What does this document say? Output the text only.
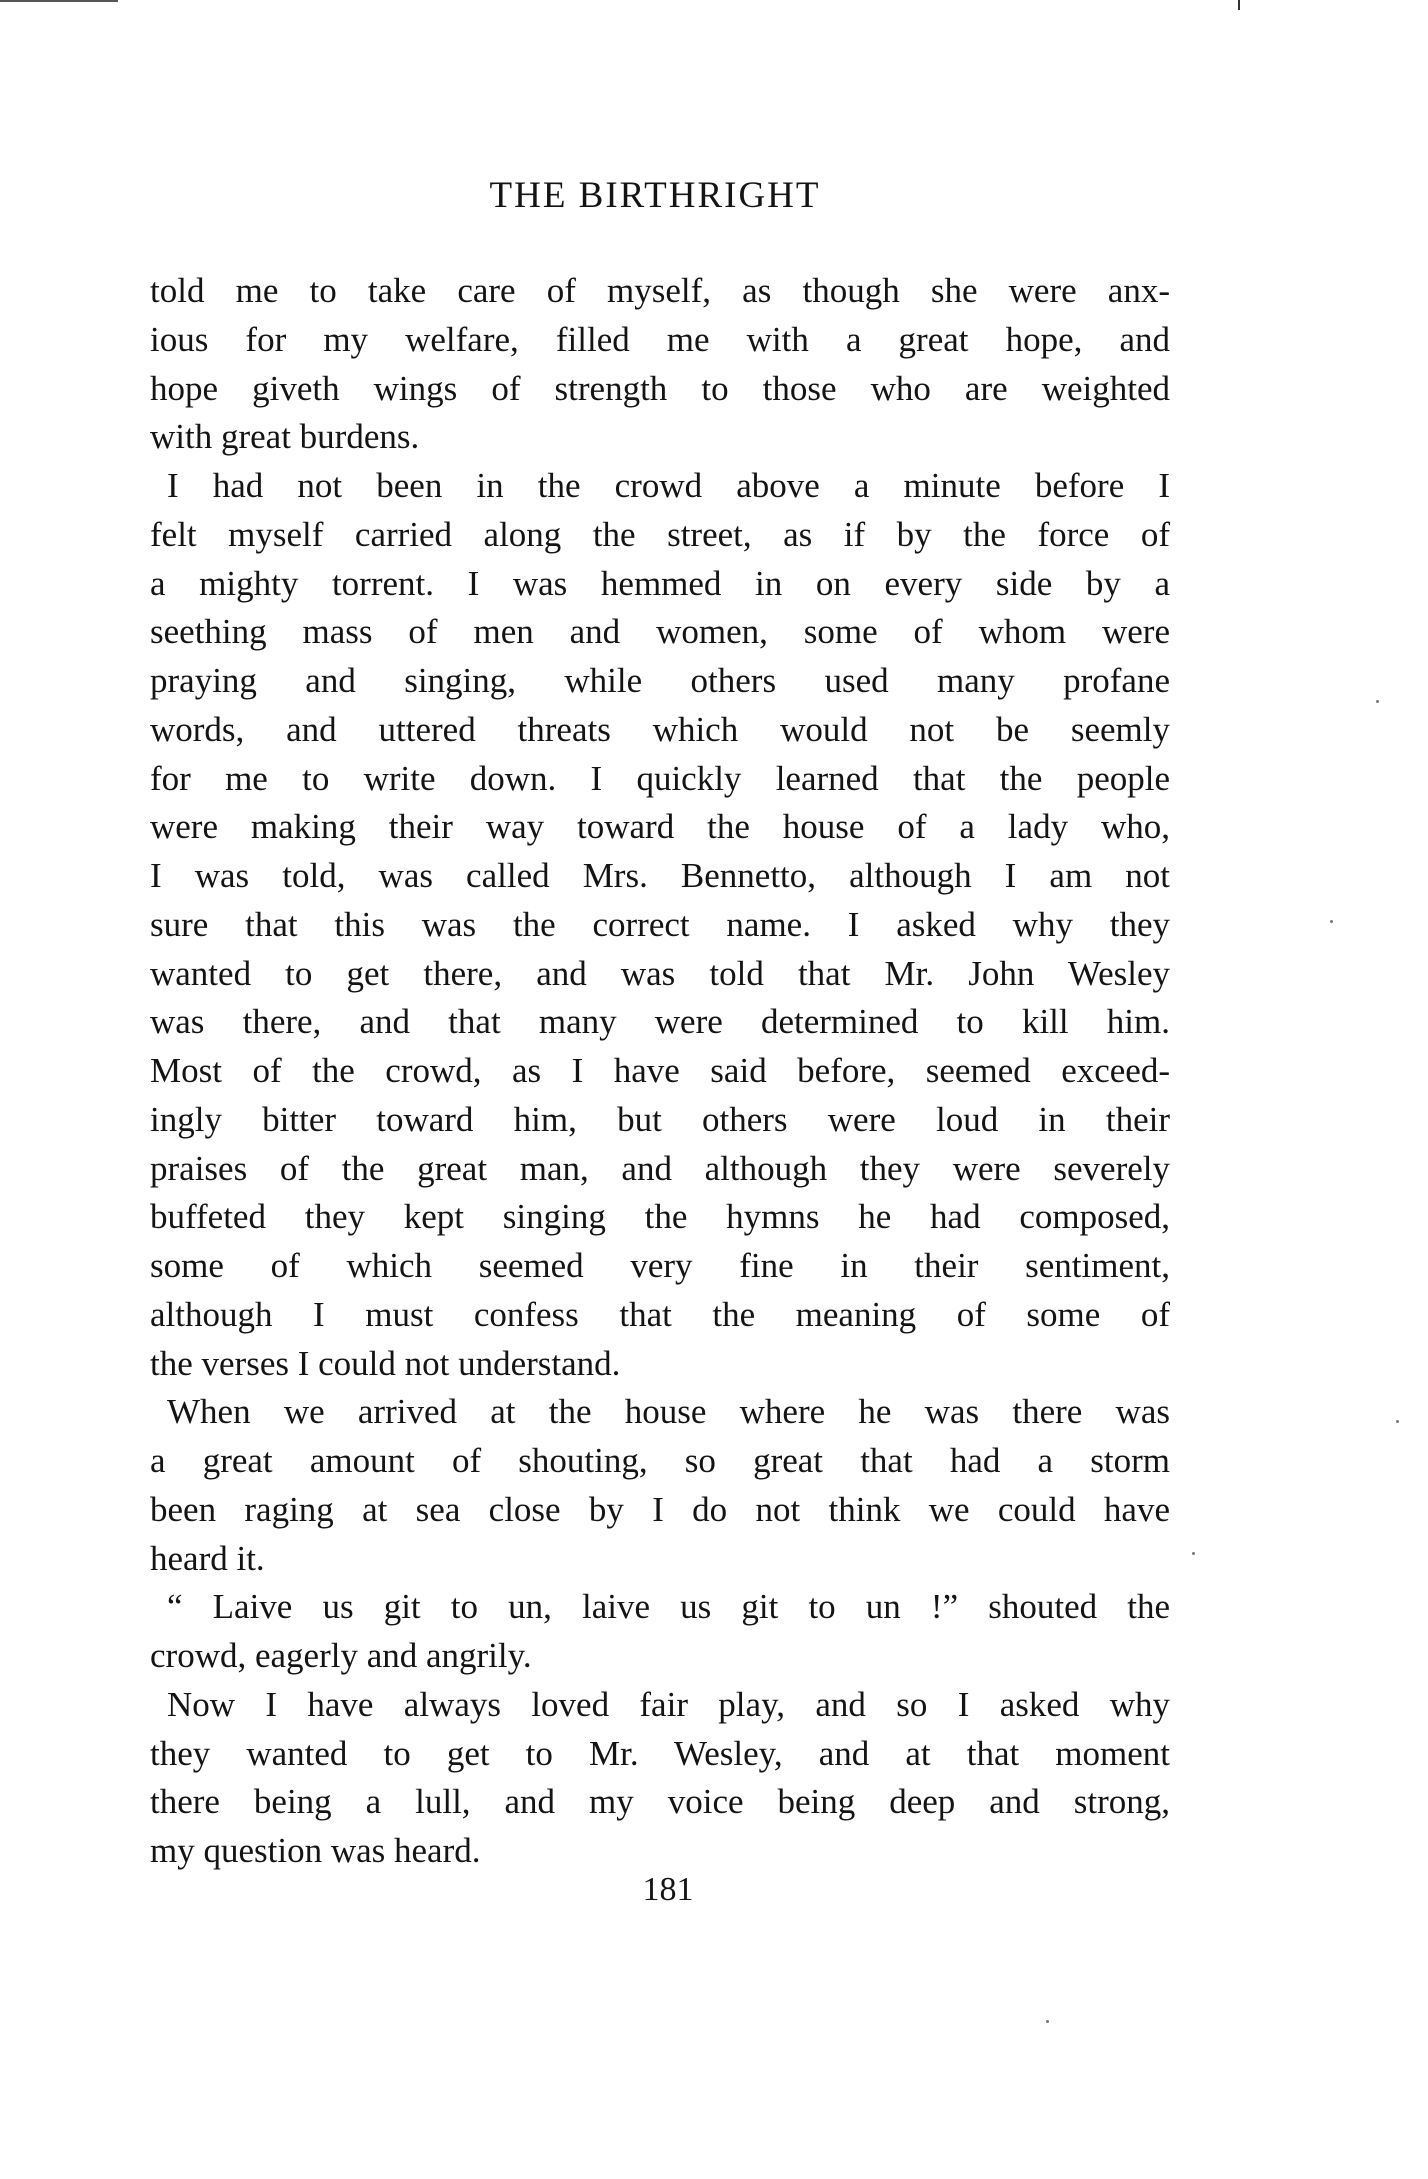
THE BIRTHRIGHT
told me to take care of myself, as though she were anx-
ious for my welfare, filled me with a great hope, and
hope giveth wings of strength to those who are weighted
with great burdens.
I had not been in the crowd above a minute before I
felt myself carried along the street, as if by the force of
a mighty torrent. I was hemmed in on every side by a
seething mass of men and women, some of whom were
praying and singing, while others used many profane
words, and uttered threats which would not be seemly
for me to write down. I quickly learned that the people
were making their way toward the house of a lady who,
I was told, was called Mrs. Bennetto, although I am not
sure that this was the correct name. I asked why they
wanted to get there, and was told that Mr. John Wesley
was there, and that many were determined to kill him.
Most of the crowd, as I have said before, seemed exceed-
ingly bitter toward him, but others were loud in their
praises of the great man, and although they were severely
buffeted they kept singing the hymns he had composed,
some of which seemed very fine in their sentiment,
although I must confess that the meaning of some of
the verses I could not understand.
When we arrived at the house where he was there was
a great amount of shouting, so great that had a storm
been raging at sea close by I do not think we could have
heard it.
“ Laive us git to un, laive us git to un !” shouted the
crowd, eagerly and angrily.
Now I have always loved fair play, and so I asked why
they wanted to get to Mr. Wesley, and at that moment
there being a lull, and my voice being deep and strong,
my question was heard.
181
